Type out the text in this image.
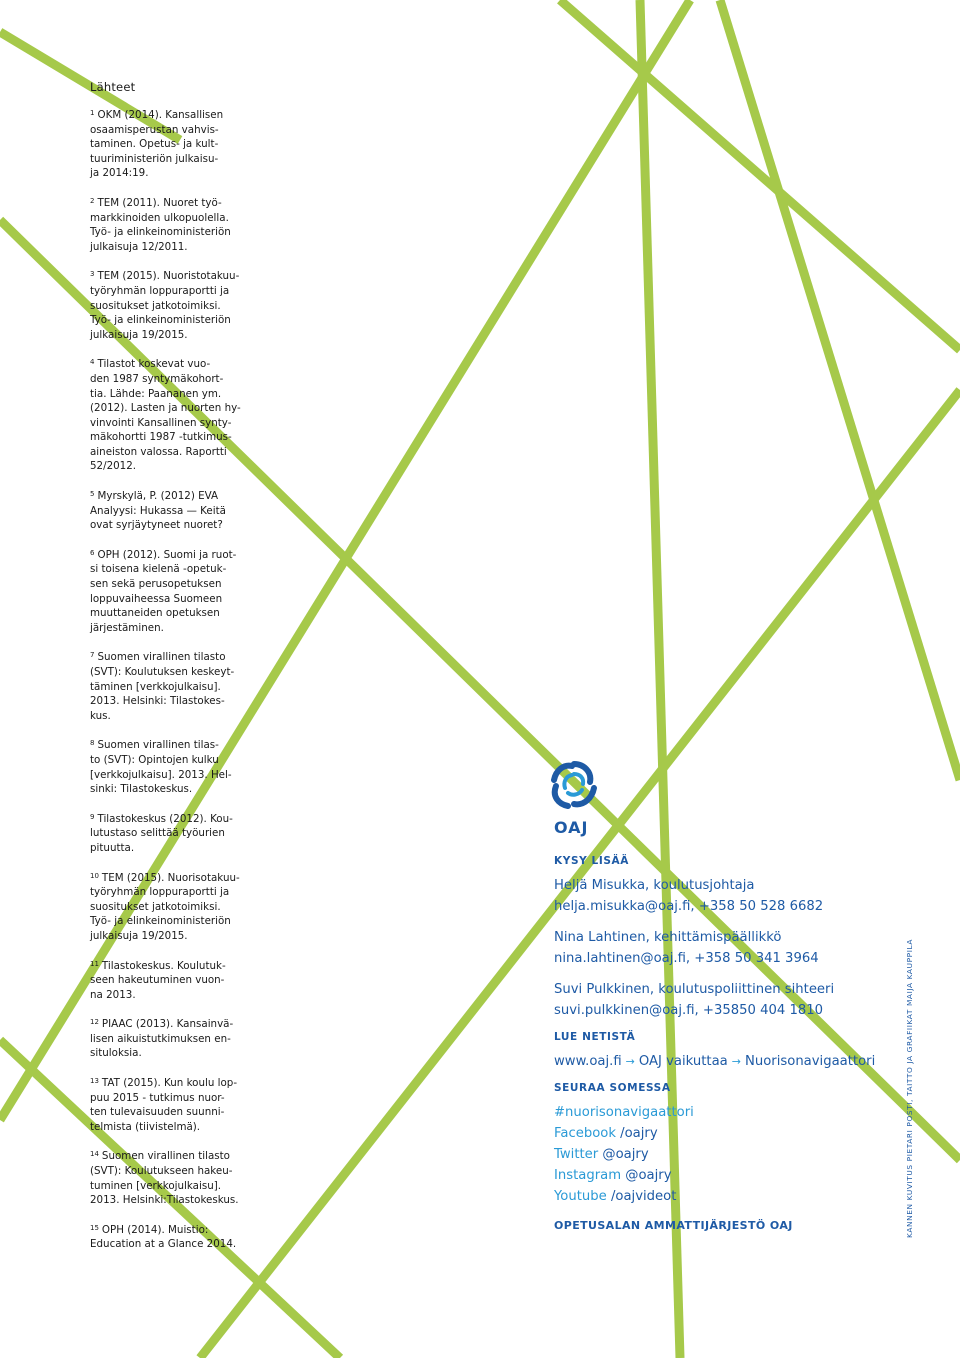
Lähteet
$^1$ OKM (2014). Kansallisen

osaamisperustan vahvis-
taminen. Opetus- ja kult-
tuuriministeriön julkaisu-
ja 2014:19.
$^2$ TEM (2011). Nuoret työ-

markkinoiden ulkopuolella.
Työ- ja elinkeinoministeriön
julkaisuja 12/2011.
$^3$ TEM (2015). Nuoristotakuu-

työryhmän loppuraportti ja
suositukset jatkotoimiksi.
Työ- ja elinkeinoministeriön
julkaisuja 19/2015.
$^4$ Tilastot koskevat vuo-

den 1987 syntymäkohort-
tia. Lähde: Paananen ym.
(2012). Lasten ja nuorten hy-
vinvointi Kansallinen synty-
mäkohortti 1987 -tutkimus-
aineiston valossa. Raportti
52/2012.
$^5$ Myrskylä, P. (2012) EVA

Analyysi: Hukassa — Keitä
ovat syrjäytyneet nuoret?
$^6$ OPH (2012). Suomi ja ruot-

si toisena kielenä -opetuk-
sen sekä perusopetuksen
loppuvaiheessa Suomeen
muuttaneiden opetuksen
järjestäminen.
$^7$ Suomen virallinen tilasto

(SVT): Koulutuksen keskeyt-
täminen [verkkojulkaisu].
2013. Helsinki: Tilastokes-
kus.
$^8$ Suomen virallinen tilas-

to (SVT): Opintojen kulku
[verkkojulkaisu]. 2013. Hel-
sinki: Tilastokeskus.
$^9$ Tilastokeskus (2012). Kou-

lutustaso selittää työurien
pituutta.
$^{10}$ TEM (2015). Nuorisotakuu-

työryhmän loppuraportti ja
suositukset jatkotoimiksi.
Työ- ja elinkeinoministeriön
julkaisuja 19/2015.
$^{11}$ Tilastokeskus. Koulutuk-

seen hakeutuminen vuon-
na 2013.
$^{12}$ PIAAC (2013). Kansainvä-

lisen aikuistutkimuksen en-
situloksia.
$^{13}$ TAT (2015). Kun koulu lop-

puu 2015 - tutkimus nuor-
ten tulevaisuuden suunni-
telmista (tiivistelmä).
$^{14}$ Suomen virallinen tilasto

(SVT): Koulutukseen hakeu-
tuminen [verkkojulkaisu].
2013. Helsinki:Tilastokeskus.
$^{15}$ OPH (2014). Muistio:

Education at a Glance 2014.
OAJ
KYSY LISÄÄ
Heljä Misukka, koulutusjohtaja
helja.misukka@oaj.fi, +358 50 528 6682
Nina Lahtinen, kehittämispäällikkö
nina.lahtinen@oaj.fi, +358 50 341 3964
Suvi Pulkkinen, koulutuspoliittinen sihteeri
suvi.pulkkinen@oaj.fi, +35850 404 1810
LUE NETISTÄ
www.oaj.fi → OAJ vaikuttaa → Nuorisonavigaattori
SEURAA SOMESSA
#nuorisonavigaattori
Facebook /oajry
Twitter @oajry
Instagram @oajry
Youtube /oajvideot
OPETUSALAN AMMATTIJÄRJESTÖ OAJ	KANNEN KUVITUS PIETARI POSTI, TAITTO JA GRAFIIKAT MAIJA KAUPPILA
